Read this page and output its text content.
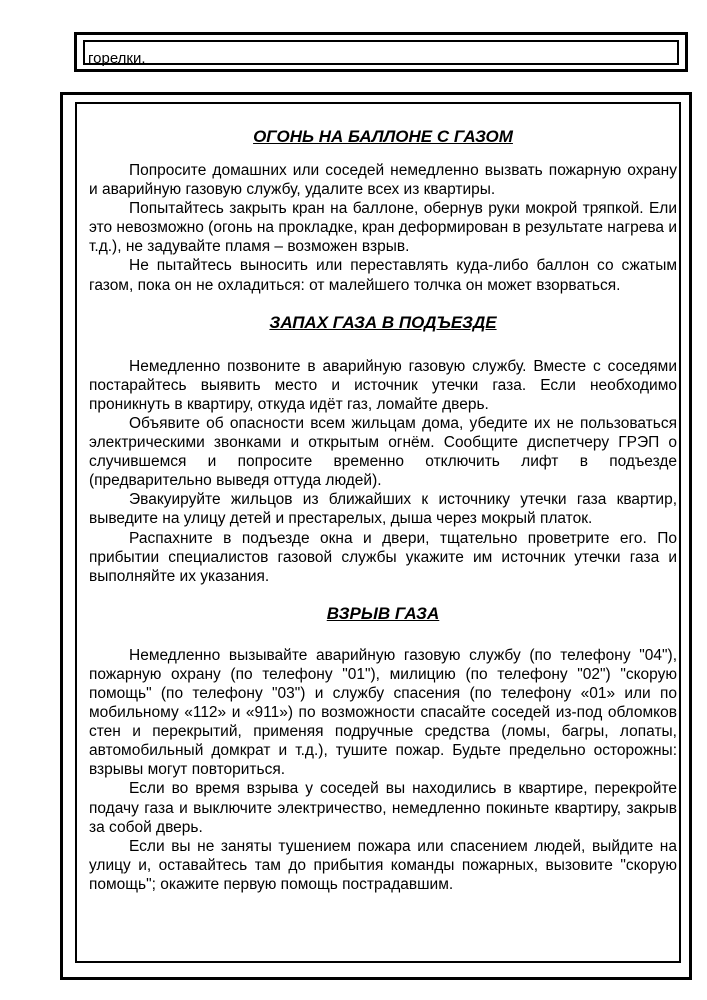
горелки.
ОГОНЬ НА БАЛЛОНЕ С ГАЗОМ

Попросите домашних или соседей немедленно вызвать пожарную охрану и аварийную газовую службу, удалите всех из квартиры.

Попытайтесь закрыть кран на баллоне, обернув руки мокрой тряпкой. Ели это невозможно (огонь на прокладке, кран деформирован в результате нагрева и т.д.), не задувайте пламя – возможен взрыв.

Не пытайтесь выносить или переставлять куда-либо баллон со сжатым газом, пока он не охладиться: от малейшего толчка он может взорваться.

ЗАПАХ ГАЗА В ПОДЪЕЗДЕ

Немедленно позвоните в аварийную газовую службу. Вместе с соседями постарайтесь выявить место и источник утечки газа. Если необходимо проникнуть в квартиру, откуда идёт газ, ломайте дверь.

Объявите об опасности всем жильцам дома, убедите их не пользоваться электрическими звонками и открытым огнём. Сообщите диспетчеру ГРЭП о случившемся и попросите временно отключить лифт в подъезде (предварительно выведя оттуда людей).

Эвакуируйте жильцов из ближайших к источнику утечки газа квартир, выведите на улицу детей и престарелых, дыша через мокрый платок.

Распахните в подъезде окна и двери, тщательно проветрите его. По прибытии специалистов газовой службы укажите им источник утечки газа и выполняйте их указания.

ВЗРЫВ ГАЗА

Немедленно вызывайте аварийную газовую службу (по телефону "04"), пожарную охрану (по телефону "01"), милицию (по телефону "02") "скорую помощь" (по телефону "03") и службу спасения (по телефону «01» или по мобильному «112» и «911») по возможности спасайте соседей из-под обломков стен и перекрытий, применяя подручные средства (ломы, багры, лопаты, автомобильный домкрат и т.д.), тушите пожар. Будьте предельно осторожны: взрывы могут повториться.

Если во время взрыва у соседей вы находились в квартире, перекройте подачу газа и выключите электричество, немедленно покиньте квартиру, закрыв за собой дверь.

Если вы не заняты тушением пожара или спасением людей, выйдите на улицу и, оставайтесь там до прибытия команды пожарных, вызовите "скорую помощь"; окажите первую помощь пострадавшим.
